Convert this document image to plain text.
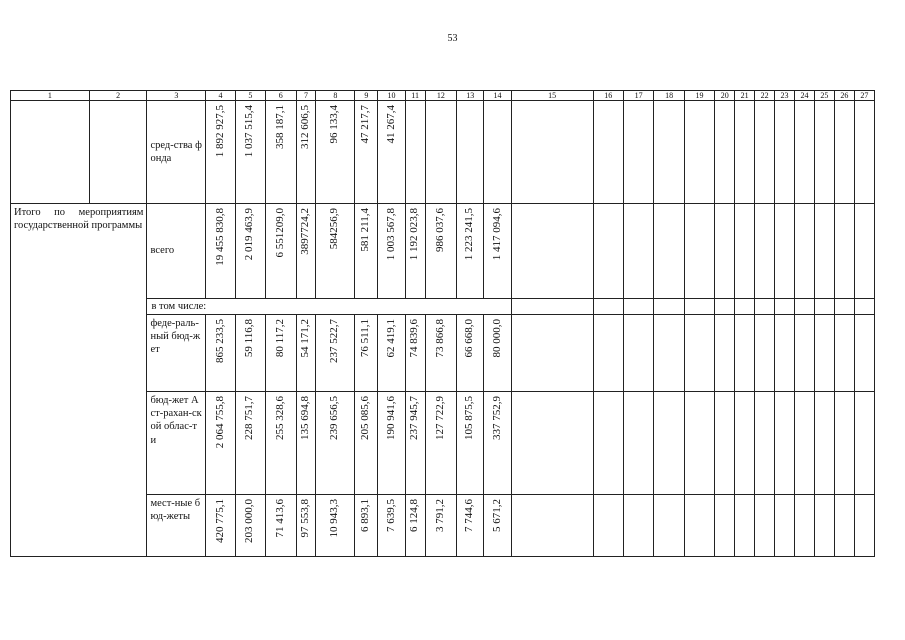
53
1	2	3	4	5	6	7	8	9	10	11	12	13	14	15	16	17	18	19	20	21	22	23	24	25	26	27
		сред-ства фонда	1 892 927,5	1 037 515,4	358 187,1	312 606,5	96 133,4	47 217,7	41 267,4																	

Итого по мероприятиям государственной программы		всего	19 455 830,8	2 019 463,9	6 551209,0	3897724,2	584256,9	581 211,4	1 003 567,8	1 192 023,8	986 037,6	1 223 241,5	1 417 094,6													

		в том числе:																								
		феде-раль-ный бюд-жет	865 233,5	59 116,8	80 117,2	54 171,2	237 522,7	76 511,1	62 419,1	74 839,6	73 866,8	66 668,0	80 000,0													

		бюд-жет Аст-рахан-ской облас-ти	2 064 755,8	228 751,7	255 328,6	135 694,8	239 656,5	205 085,6	190 941,6	237 945,7	127 722,9	105 875,5	337 752,9													

		мест-ные бюд-жеты	420 775,1	203 000,0	71 413,6	97 553,8	10 943,3	6 893,1	7 639,5	6 124,8	3 791,2	7 744,6	5 671,2													
